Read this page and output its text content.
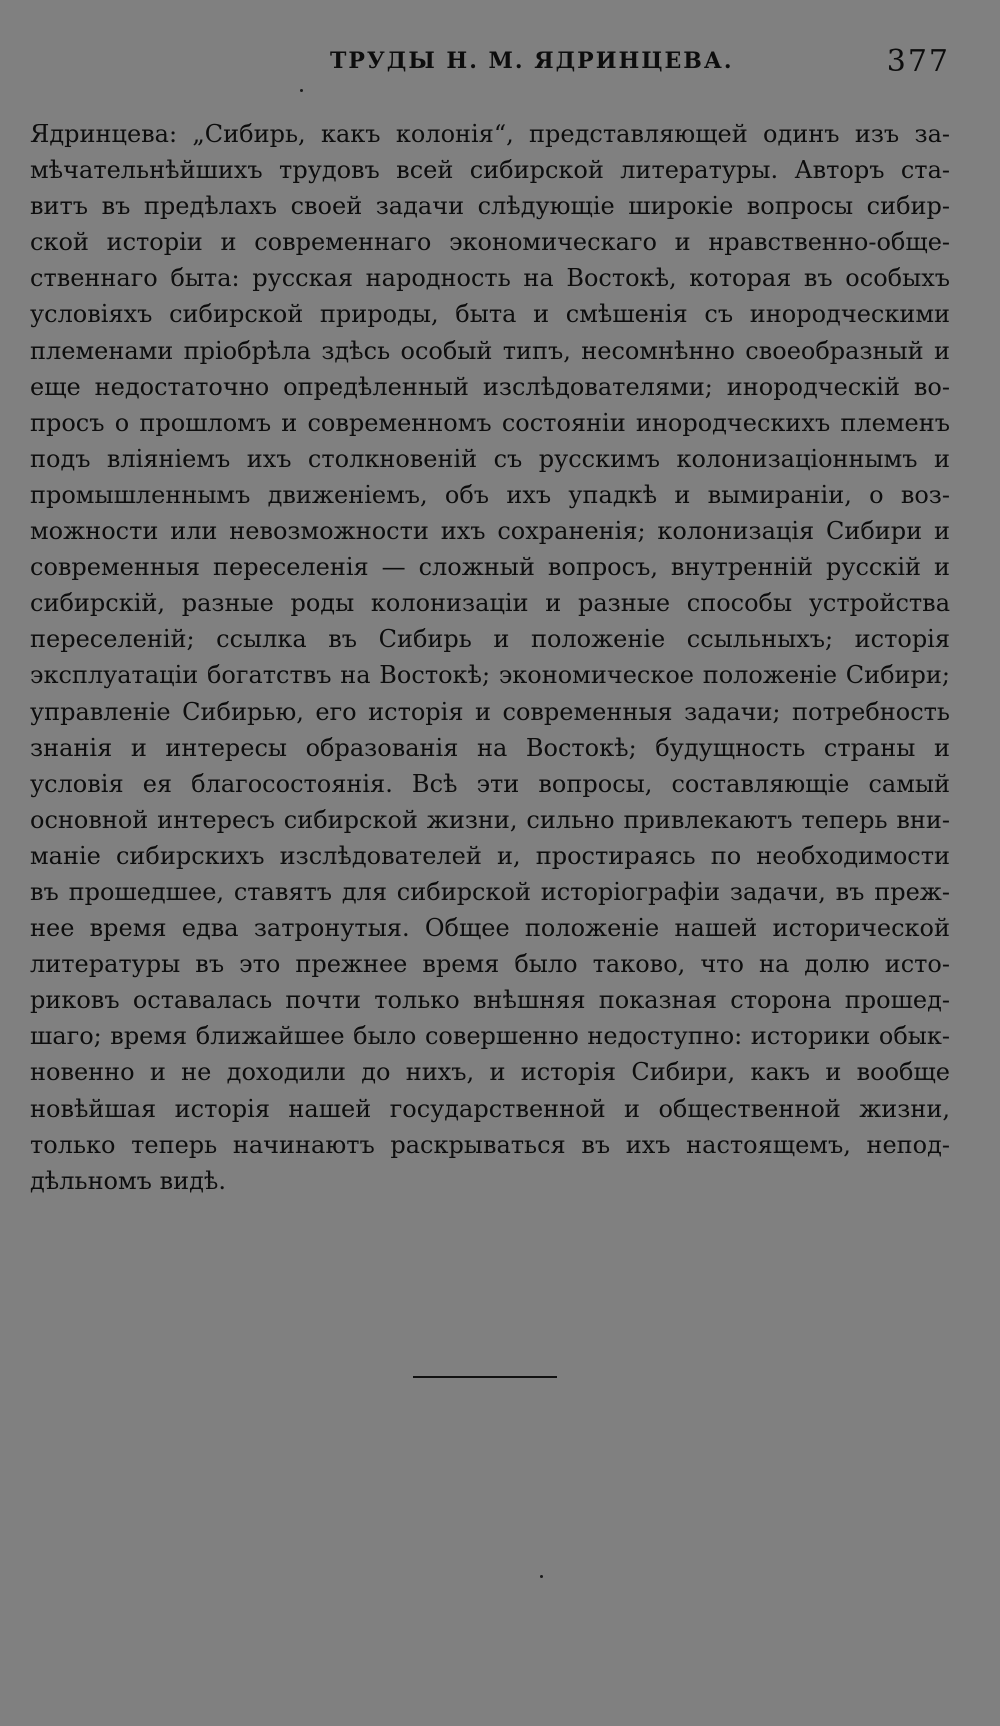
ТРУДЫ Н. М. ЯДРИНЦЕВА.	377
Ядринцева: „Сибирь, какъ колонія“, представляющей одинъ изъ за-
мѣчательнѣйшихъ трудовъ всей сибирской литературы. Авторъ ста-
витъ въ предѣлахъ своей задачи слѣдующіе широкіе вопросы сибир-
ской исторіи и современнаго экономическаго и нравственно-обще-
ственнаго быта: русская народность на Востокѣ, которая въ особыхъ
условіяхъ сибирской природы, быта и смѣшенія съ инородческими
племенами пріобрѣла здѣсь особый типъ, несомнѣнно своеобразный и
еще недостаточно опредѣленный изслѣдователями; инородческій во-
просъ о прошломъ и современномъ состояніи инородческихъ племенъ
подъ вліяніемъ ихъ столкновеній съ русскимъ колонизаціоннымъ и
промышленнымъ движеніемъ, объ ихъ упадкѣ и вымираніи, о воз-
можности или невозможности ихъ сохраненія; колонизація Сибири и
современныя переселенія — сложный вопросъ, внутренній русскій и
сибирскій, разные роды колонизаціи и разные способы устройства
переселеній; ссылка въ Сибирь и положеніе ссыльныхъ; исторія
эксплуатаціи богатствъ на Востокѣ; экономическое положеніе Сибири;
управленіе Сибирью, его исторія и современныя задачи; потребность
знанія и интересы образованія на Востокѣ; будущность страны и
условія ея благосостоянія. Всѣ эти вопросы, составляющіе самый
основной интересъ сибирской жизни, сильно привлекаютъ теперь вни-
маніе сибирскихъ изслѣдователей и, простираясь по необходимости
въ прошедшее, ставятъ для сибирской исторіографіи задачи, въ преж-
нее время едва затронутыя. Общее положеніе нашей исторической
литературы въ это прежнее время было таково, что на долю исто-
риковъ оставалась почти только внѣшняя показная сторона прошед-
шаго; время ближайшее было совершенно недоступно: историки обык-
новенно и не доходили до нихъ, и исторія Сибири, какъ и вообще
новѣйшая исторія нашей государственной и общественной жизни,
только теперь начинаютъ раскрываться въ ихъ настоящемъ, непод-
дѣльномъ видѣ.
